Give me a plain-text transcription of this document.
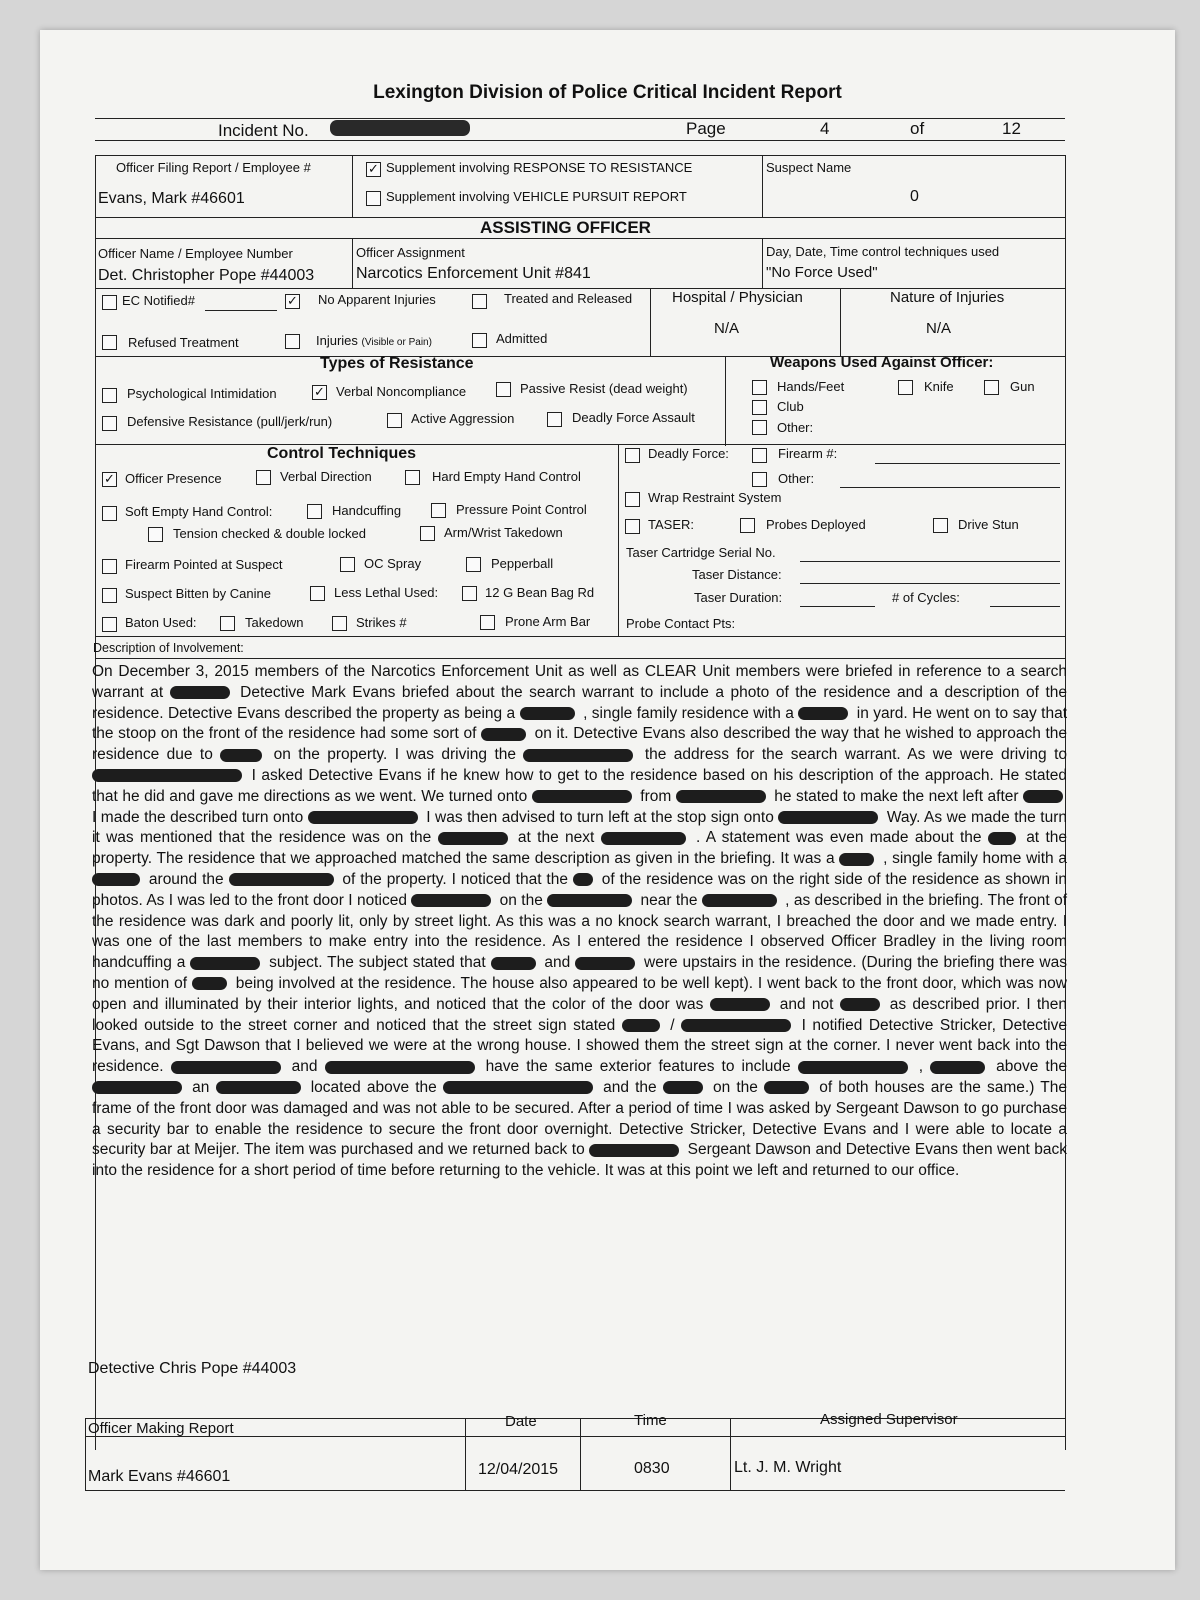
Lexington Division of Police Critical Incident Report
Incident No.	Page	4	of	12
Officer Filing Report / Employee #
Evans, Mark #46601
✓ Supplement involving RESPONSE TO RESISTANCE
Supplement involving VEHICLE PURSUIT REPORT
Suspect Name
0
ASSISTING OFFICER
Officer Name / Employee Number
Det. Christopher Pope #44003
Officer Assignment
Narcotics Enforcement Unit #841
Day, Date, Time control techniques used
"No Force Used"
EC Notified#	✓ No Apparent Injuries	Treated and Released
Refused Treatment	Injuries (Visible or Pain)	Admitted
Hospital / Physician
N/A
Nature of Injuries
N/A
Types of Resistance
Psychological Intimidation	✓ Verbal Noncompliance	Passive Resist (dead weight)
Defensive Resistance (pull/jerk/run)	Active Aggression	Deadly Force Assault
Weapons Used Against Officer:
Hands/Feet	Knife	Gun
Club
Other:
Control Techniques
✓ Officer Presence	Verbal Direction	Hard Empty Hand Control
Soft Empty Hand Control:	Handcuffing	Pressure Point Control
Tension checked & double locked	Arm/Wrist Takedown
Firearm Pointed at Suspect	OC Spray	Pepperball
Suspect Bitten by Canine	Less Lethal Used:	12 G Bean Bag Rd
Baton Used:	Takedown	Strikes #	Prone Arm Bar
Deadly Force:	Firearm #:
Other:
Wrap Restraint System
TASER:	Probes Deployed	Drive Stun
Taser Cartridge Serial No.
Taser Distance:
Taser Duration:	# of Cycles:
Probe Contact Pts:
Description of Involvement:

On December 3, 2015 members of the Narcotics Enforcement Unit as well as CLEAR Unit members were briefed in reference to a search warrant at	Detective Mark Evans briefed about the search warrant to include a photo of the residence and a description of the residence. Detective Evans described the property as being a	, single family residence with a	in yard. He went on to say that the stoop on the front of the residence had some sort of	on it. Detective Evans also described the way that he wished to approach the residence due to	on the property. I was driving the	the address for the search warrant. As we were driving to  I asked Detective Evans if he knew how to get to the residence based on his description of the approach. He stated that he did and gave me directions as we went. We turned onto	from	he stated to make the next left after  I made the described turn onto	I was then advised to turn left at the stop sign onto	Way. As we made the turn it was mentioned that the residence was on the	at the next	. A statement was even made about the  at the property. The residence that we approached matched the same description as given in the briefing. It was a	, single family home with a  around the	of the property. I noticed that the  of the residence was on the right side of the residence as shown in photos. As I was led to the front door I noticed	on the	near the	, as described in the briefing. The front of the residence was dark and poorly lit, only by street light. As this was a no knock search warrant, I breached the door and we made entry. I was one of the last members to make entry into the residence. As I entered the residence I observed Officer Bradley in the living room handcuffing a	subject. The subject stated that	and	were upstairs in the residence. (During the briefing there was no mention of	being involved at the residence. The house also appeared to be well kept). I went back to the front door, which was now open and illuminated by their interior lights, and noticed that the color of the door was	and not	as described prior. I then looked outside to the street corner and noticed that the street sign stated	/	I notified Detective Stricker, Detective Evans, and Sgt Dawson that I believed we were at the wrong house. I showed them the street sign at the corner. I never went back into the residence.	and	have the same exterior features to include	,	above the  an	located above the	and the	on the	of both houses are the same.) The frame of the front door was damaged and was not able to be secured. After a period of time I was asked by Sergeant Dawson to go purchase a security bar to enable the residence to secure the front door overnight. Detective Stricker, Detective Evans and I were able to locate a security bar at Meijer. The item was purchased and we returned back to	Sergeant Dawson and Detective Evans then went back into the residence for a short period of time before returning to the vehicle. It was at this point we left and returned to our office.

Detective Chris Pope #44003
Officer Making Report
Mark Evans #46601
Date
12/04/2015
Time
0830
Assigned Supervisor
Lt. J. M. Wright
